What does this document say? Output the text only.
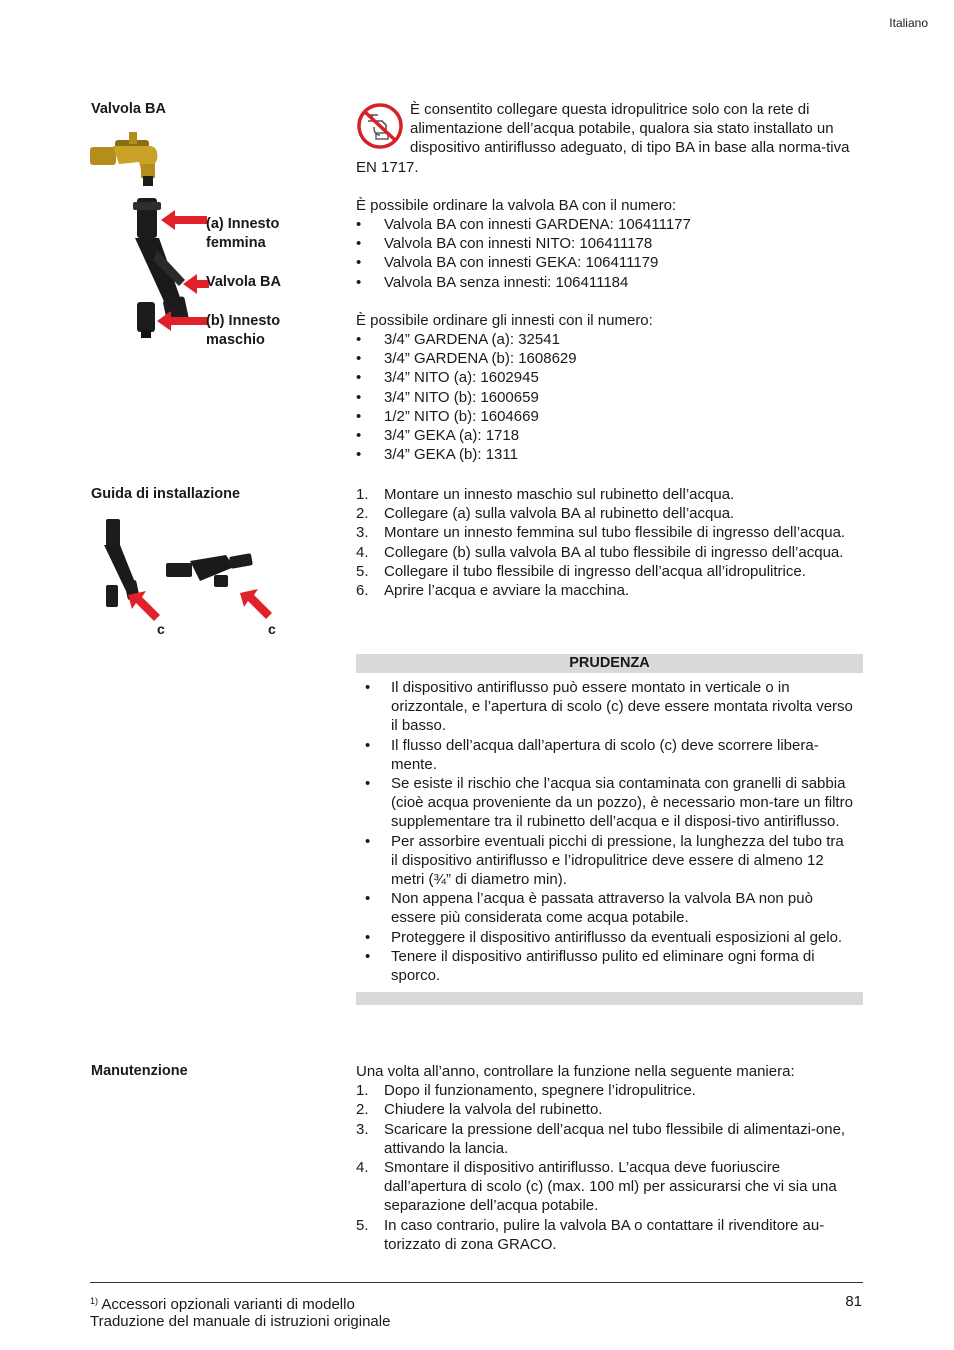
Italiano
Valvola BA
(a) Innesto
femmina
Valvola BA
(b) Innesto
maschio

È consentito collegare questa idropulitrice solo con la rete di alimentazione dell’acqua potabile, qualora sia stato installato un dispositivo antiriflusso adeguato, di tipo BA in base alla norma-tiva EN 1717.

È possibile ordinare la valvola BA con il numero:

• Valvola BA con innesti GARDENA: 106411177
• Valvola BA con innesti NITO: 106411178
• Valvola BA con innesti GEKA: 106411179
• Valvola BA senza innesti: 106411184

È possibile ordinare gli innesti con il numero:

• 3/4” GARDENA (a): 32541
• 3/4” GARDENA (b): 1608629
• 3/4” NITO (a): 1602945
• 3/4” NITO (b): 1600659
• 1/2” NITO (b): 1604669
• 3/4” GEKA (a): 1718
• 3/4” GEKA (b): 1311
Guida di installazione
c	c
1. Montare un innesto maschio sul rubinetto dell’acqua.
2. Collegare (a) sulla valvola BA al rubinetto dell’acqua.
3. Montare un innesto femmina sul tubo flessibile di ingresso dell’acqua.
4. Collegare (b) sulla valvola BA al tubo flessibile di ingresso dell’acqua.
5. Collegare il tubo flessibile di ingresso dell’acqua all’idropulitrice.
6. Aprire l’acqua e avviare la macchina.
PRUDENZA
• Il dispositivo antiriflusso può essere montato in verticale o in orizzontale, e l’apertura di scolo (c) deve essere montata rivolta verso il basso.
• Il flusso dell’acqua dall’apertura di scolo (c) deve scorrere libera-mente.
• Se esiste il rischio che l’acqua sia contaminata con granelli di sabbia (cioè acqua proveniente da un pozzo), è necessario mon-tare un filtro supplementare tra il rubinetto dell’acqua e il disposi-tivo antiriflusso.
• Per assorbire eventuali picchi di pressione, la lunghezza del tubo tra il dispositivo antiriflusso e l’idropulitrice deve essere di almeno 12 metri (¾” di diametro min).
• Non appena l’acqua è passata attraverso la valvola BA non può essere più considerata come acqua potabile.
• Proteggere il dispositivo antiriflusso da eventuali esposizioni al gelo.
• Tenere il dispositivo antiriflusso pulito ed eliminare ogni forma di sporco.
Manutenzione	Una volta all’anno, controllare la funzione nella seguente maniera:

1. Dopo il funzionamento, spegnere l’idropulitrice.
2. Chiudere la valvola del rubinetto.
3. Scaricare la pressione dell’acqua nel tubo flessibile di alimentazi-one, attivando la lancia.
4. Smontare il dispositivo antiriflusso. L’acqua deve fuoriuscire dall’apertura di scolo (c) (max. 100 ml) per assicurarsi che vi sia una separazione dell’acqua potabile.
5. In caso contrario, pulire la valvola BA o contattare il rivenditore au-torizzato di zona GRACO.
$^{1)}$ Accessori opzionali varianti di modello	81
Traduzione del manuale di istruzioni originale
